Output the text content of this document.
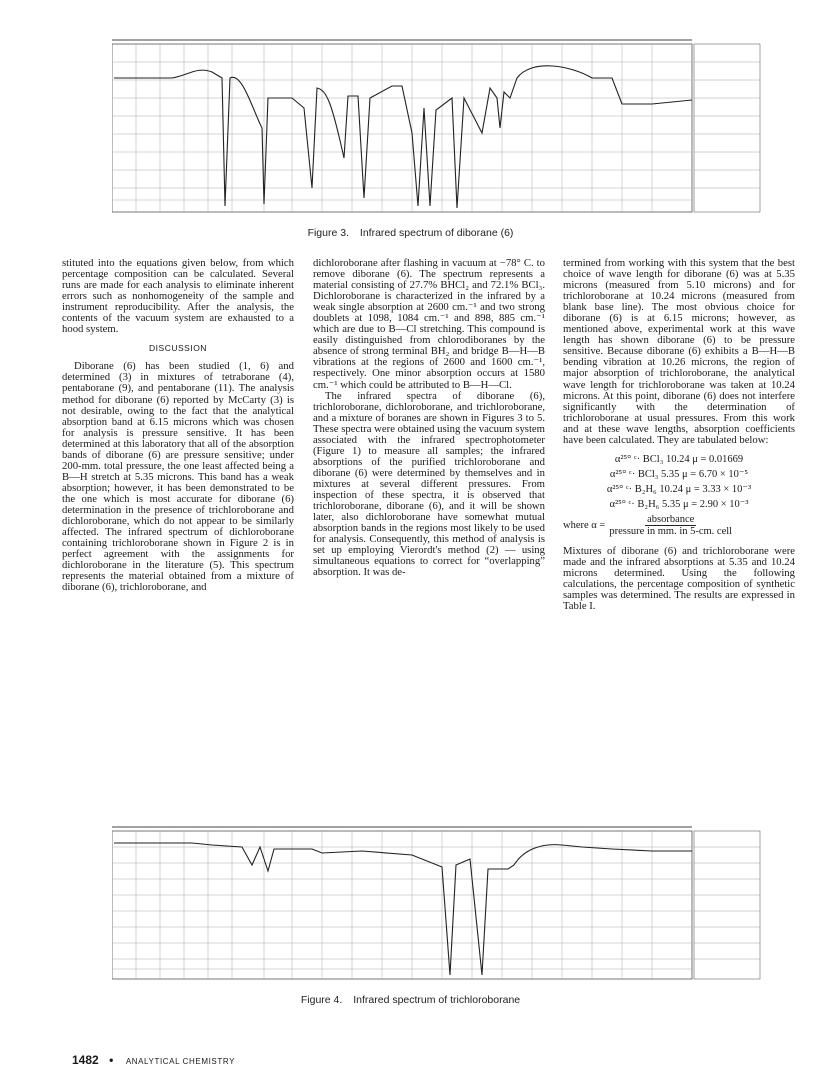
Figure 3. Infrared spectrum of diborane (6)

stituted into the equations given below, from which percentage composition can be calculated. Several runs are made for each analysis to eliminate inherent errors such as nonhomogeneity of the sample and instrument reproducibility. After the analysis, the contents of the vacuum system are exhausted to a hood system.

DISCUSSION

Diborane (6) has been studied (1, 6) and determined (3) in mixtures of tetraborane (4), pentaborane (9), and pentaborane (11). The analysis method for diborane (6) reported by McCarty (3) is not desirable, owing to the fact that the analytical absorption band at 6.15 microns which was chosen for analysis is pressure sensitive. It has been determined at this laboratory that all of the absorption bands of diborane (6) are pressure sensitive; under 200-mm. total pressure, the one least affected being a B—H stretch at 5.35 microns. This band has a weak absorption; however, it has been demonstrated to be the one which is most accurate for diborane (6) determination in the presence of trichloroborane and dichloroborane, which do not appear to be similarly affected. The infrared spectrum of dichloroborane containing trichloroborane shown in Figure 2 is in perfect agreement with the assignments for dichloroborane in the literature (5). This spectrum represents the material obtained from a mixture of diborane (6), trichloroborane, and

dichloroborane after flashing in vacuum at −78° C. to remove diborane (6). The spectrum represents a material consisting of 27.7% BHCl₂ and 72.1% BCl₃. Dichloroborane is characterized in the infrared by a weak single absorption at 2600 cm.⁻¹ and two strong doublets at 1098, 1084 cm.⁻¹ and 898, 885 cm.⁻¹ which are due to B—Cl stretching. This compound is easily distinguished from chlorodiboranes by the absence of strong terminal BH₂ and bridge B—H—B vibrations at the regions of 2600 and 1600 cm.⁻¹, respectively. One minor absorption occurs at 1580 cm.⁻¹ which could be attributed to B—H—Cl.

The infrared spectra of diborane (6), trichloroborane, dichloroborane, and trichloroborane, and a mixture of boranes are shown in Figures 3 to 5. These spectra were obtained using the vacuum system associated with the infrared spectrophotometer (Figure 1) to measure all samples; the infrared absorptions of the purified trichloroborane and diborane (6) were determined by themselves and in mixtures at several different pressures. From inspection of these spectra, it is observed that trichloroborane, diborane (6), and it will be shown later, also dichloroborane have somewhat mutual absorption bands in the regions most likely to be used for analysis. Consequently, this method of analysis is set up employing Vierordt's method (2) — using simultaneous equations to correct for “overlapping” absorption. It was de-

termined from working with this system that the best choice of wave length for diborane (6) was at 5.35 microns (measured from 5.10 microns) and for trichloroborane at 10.24 microns (measured from blank base line). The most obvious choice for diborane (6) is at 6.15 microns; however, as mentioned above, experimental work at this wave length has shown diborane (6) to be pressure sensitive. Because diborane (6) exhibits a B—H—B bending vibration at 10.26 microns, the region of major absorption of trichloroborane, the analytical wave length for trichloroborane was taken at 10.24 microns. At this point, diborane (6) does not interfere significantly with the determination of trichloroborane at usual pressures. From this work and at these wave lengths, absorption coefficients have been calculated. They are tabulated below:

α²⁵° ᶜ· BCl₃ 10.24 μ = 0.01669
α²⁵° ᶜ· BCl₃ 5.35 μ = 6.70 × 10⁻⁵
α²⁵° ᶜ· B₂H₆ 10.24 μ = 3.33 × 10⁻³
α²⁵° ᶜ· B₂H₆ 5.35 μ = 2.90 × 10⁻³
where $\alpha = \frac{\text{absorbance}}{\text{pressure in mm. in 5-cm. cell}}$

Mixtures of diborane (6) and trichloroborane were made and the infrared absorptions at 5.35 and 10.24 microns determined. Using the following calculations, the percentage composition of synthetic samples was determined. The results are expressed in Table I.

Figure 4. Infrared spectrum of trichloroborane
1482 • ANALYTICAL CHEMISTRY
